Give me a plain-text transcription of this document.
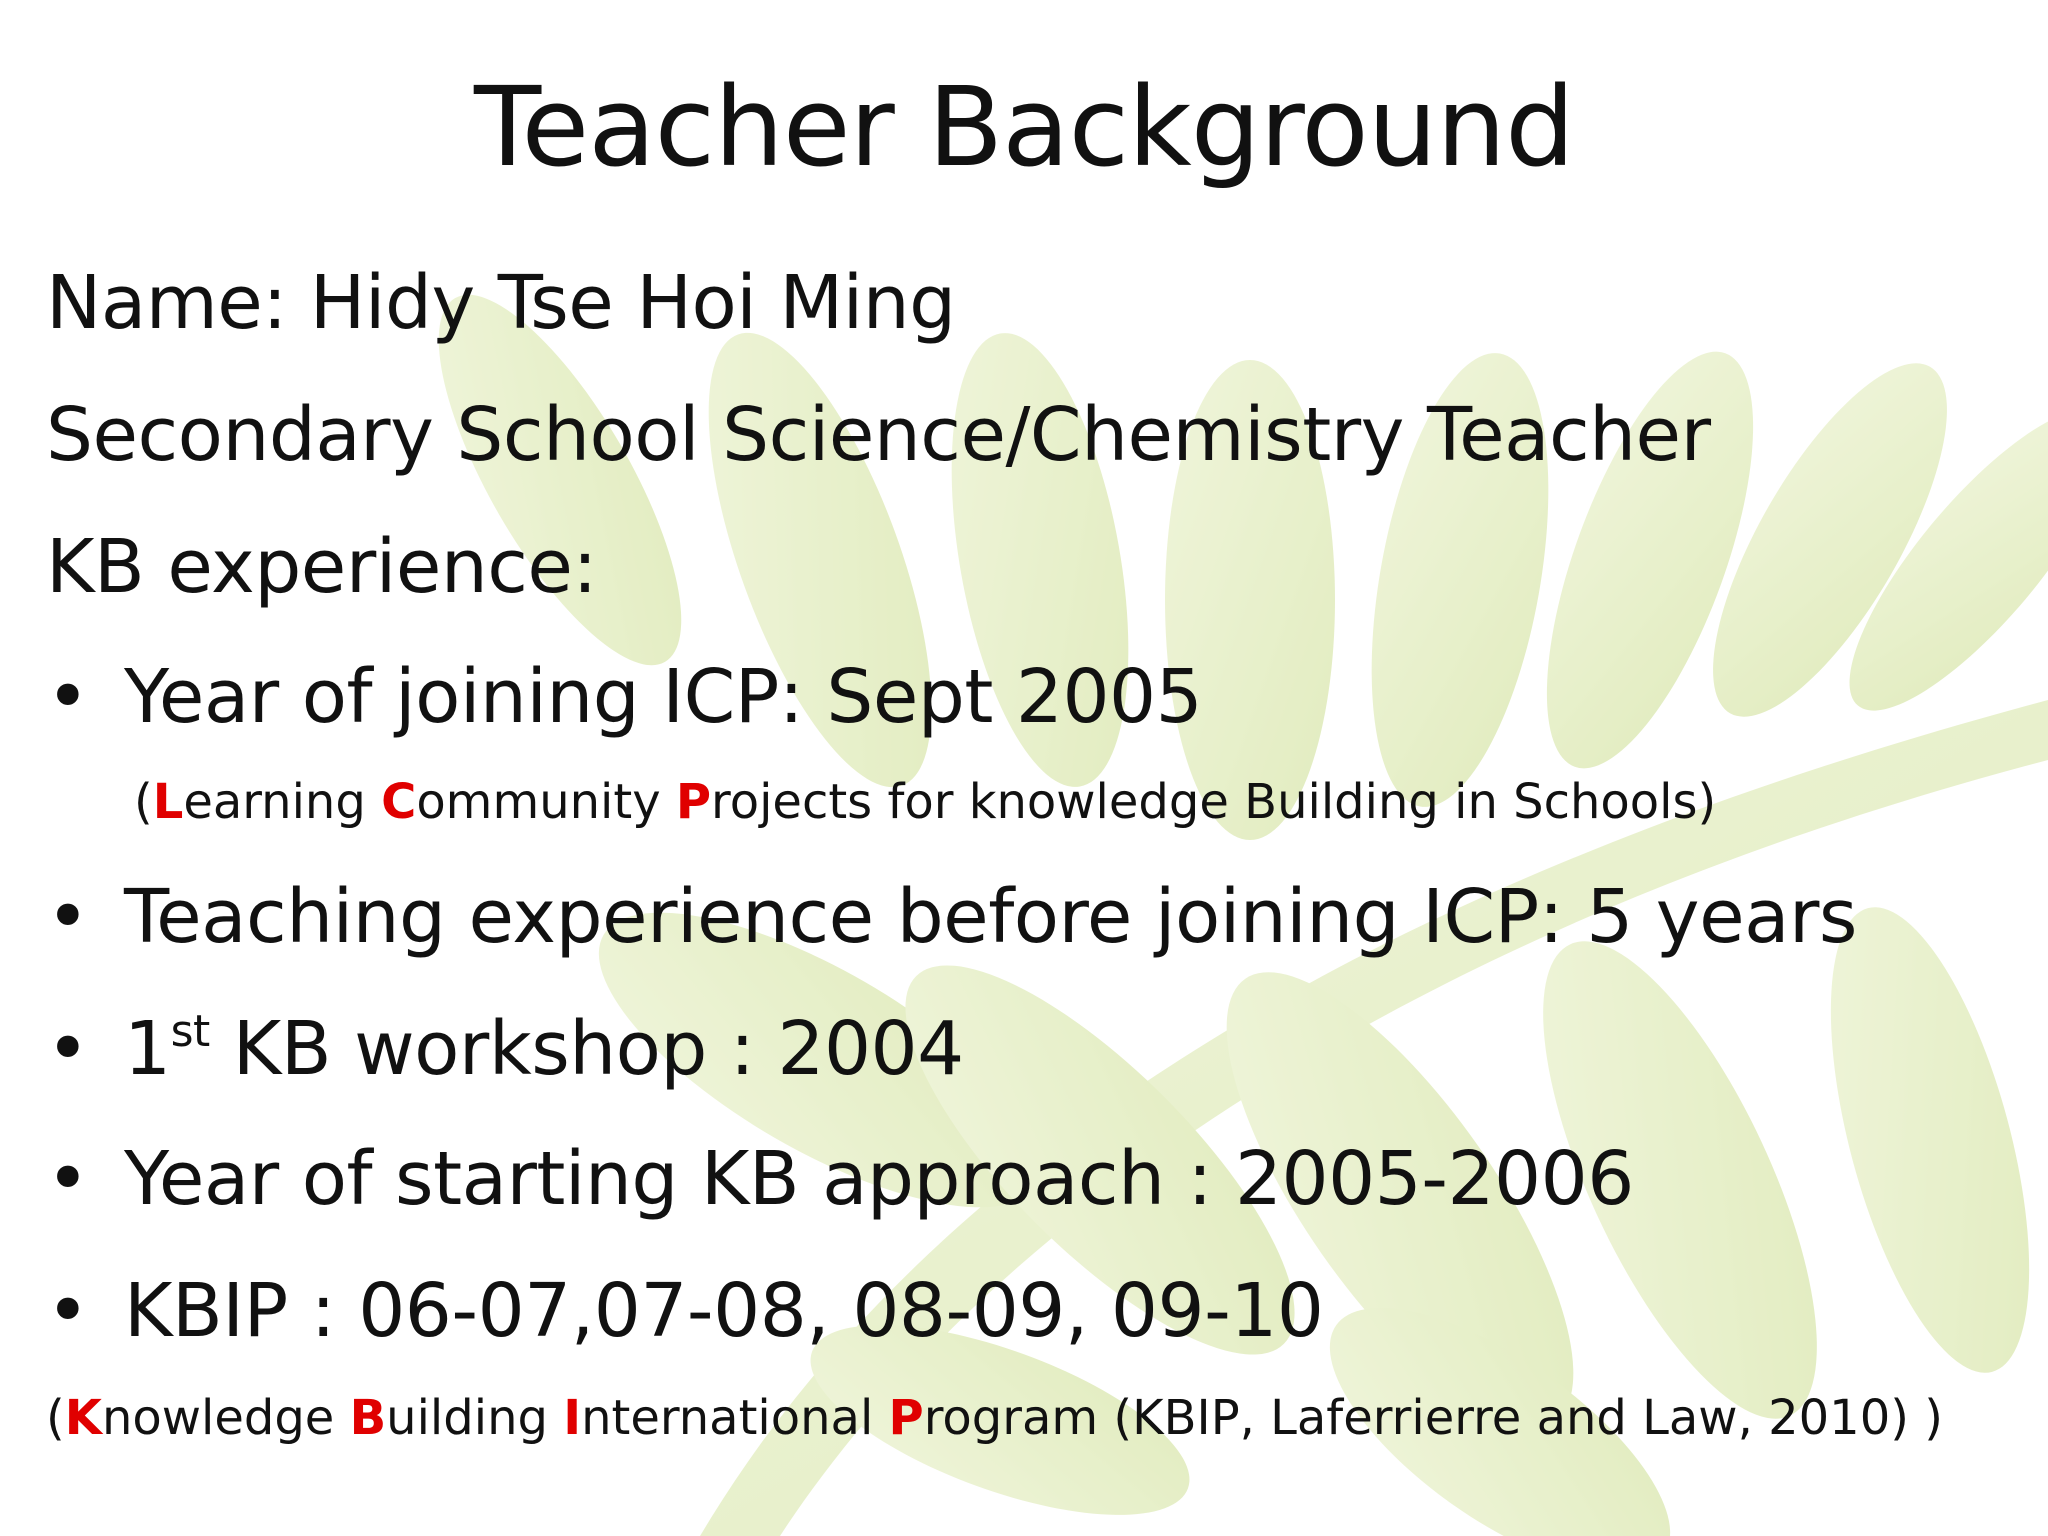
Teacher Background
Name: Hidy Tse Hoi Ming
Secondary School Science/Chemistry Teacher
KB experience:
• Year of joining ICP: Sept 2005
(Learning Community Projects for knowledge Building in Schools)
• Teaching experience before joining ICP: 5 years
• 1st KB workshop : 2004
• Year of starting KB approach : 2005-2006
• KBIP : 06-07,07-08, 08-09, 09-10
(Knowledge Building International Program (KBIP, Laferrierre and Law, 2010) )
